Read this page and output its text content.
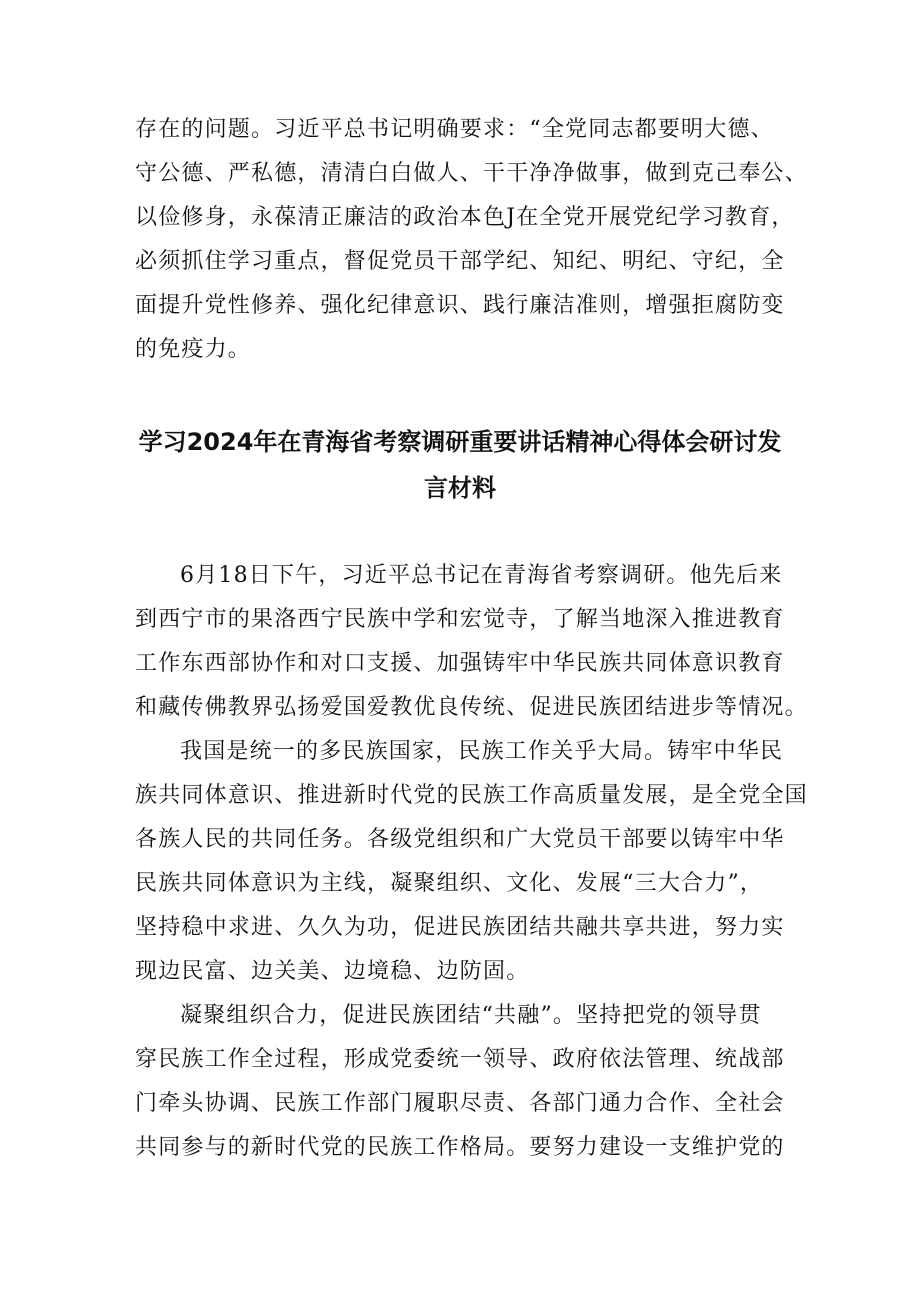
存在的问题。习近平总书记明确要求：“全党同志都要明大德、
守公德、严私德，清清白白做人、干干净净做事，做到克己奉公、
以俭修身，永葆清正廉洁的政治本色J在全党开展党纪学习教育，
必须抓住学习重点，督促党员干部学纪、知纪、明纪、守纪，全
面提升党性修养、强化纪律意识、践行廉洁准则，增强拒腐防变
的免疫力。
学习2024年在青海省考察调研重要讲话精神心得体会研讨发
言材料
6月18日下午，习近平总书记在青海省考察调研。他先后来
到西宁市的果洛西宁民族中学和宏觉寺，了解当地深入推进教育
工作东西部协作和对口支援、加强铸牢中华民族共同体意识教育
和藏传佛教界弘扬爱国爱教优良传统、促进民族团结进步等情况。
我国是统一的多民族国家，民族工作关乎大局。铸牢中华民
族共同体意识、推进新时代党的民族工作高质量发展，是全党全国
各族人民的共同任务。各级党组织和广大党员干部要以铸牢中华
民族共同体意识为主线，凝聚组织、文化、发展“三大合力”，
坚持稳中求进、久久为功，促进民族团结共融共享共进，努力实
现边民富、边关美、边境稳、边防固。
凝聚组织合力，促进民族团结“共融”。坚持把党的领导贯
穿民族工作全过程，形成党委统一领导、政府依法管理、统战部
门牵头协调、民族工作部门履职尽责、各部门通力合作、全社会
共同参与的新时代党的民族工作格局。要努力建设一支维护党的
